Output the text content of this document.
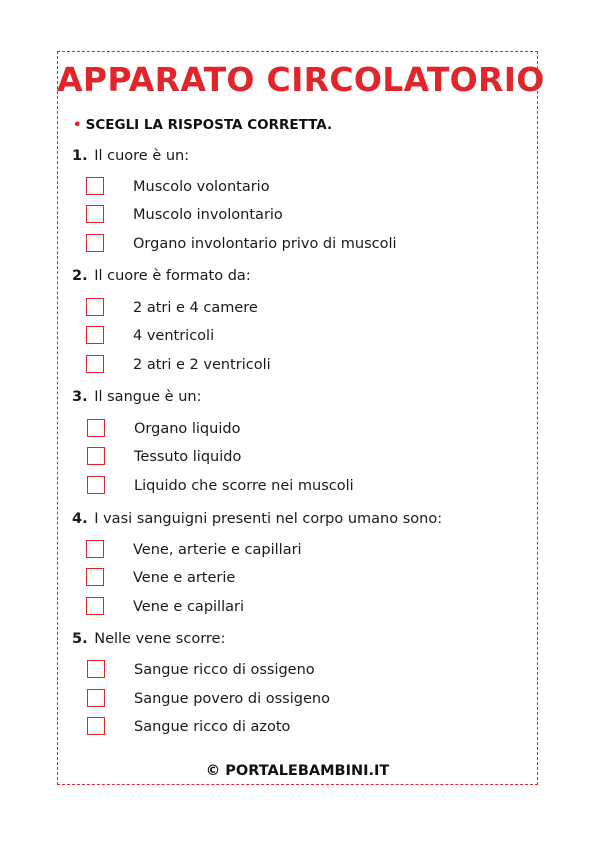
APPARATO CIRCOLATORIO
• SCEGLI LA RISPOSTA CORRETTA.
1. Il cuore è un:
Muscolo volontario
Muscolo involontario
Organo involontario privo di muscoli
2. Il cuore è formato da:
2 atri e 4 camere
4 ventricoli
2 atri e 2 ventricoli
3. Il sangue è un:
Organo liquido
Tessuto liquido
Liquido che scorre nei muscoli
4. I vasi sanguigni presenti nel corpo umano sono:
Vene, arterie e capillari
Vene e arterie
Vene e capillari
5. Nelle vene scorre:
Sangue ricco di ossigeno
Sangue povero di ossigeno
Sangue ricco di azoto
© PORTALEBAMBINI.IT
